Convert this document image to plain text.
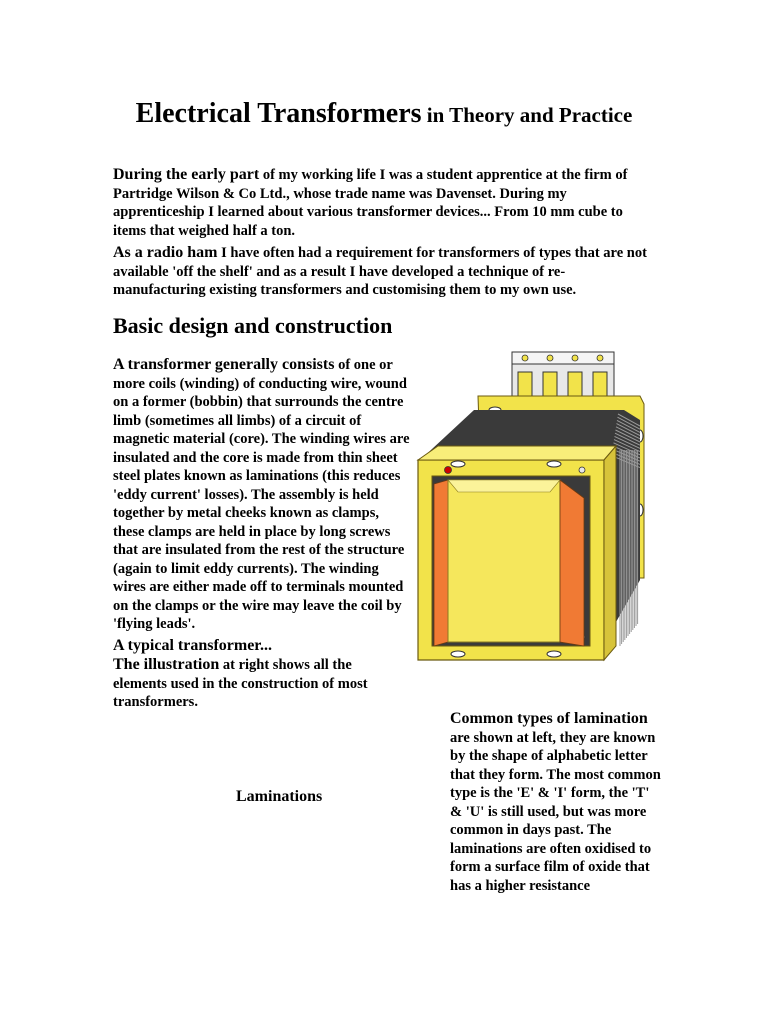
Electrical Transformers in Theory and Practice
During the early part of my working life I was a student apprentice at the firm of Partridge Wilson & Co Ltd., whose trade name was Davenset. During my apprenticeship I learned about various transformer devices... From 10 mm cube to items that weighed half a ton.
As a radio ham I have often had a requirement for transformers of types that are not available 'off the shelf' and as a result I have developed a technique of re-manufacturing existing transformers and customising them to my own use.
Basic design and construction
A transformer generally consists of one or more coils (winding) of conducting wire, wound on a former (bobbin) that surrounds the centre limb (sometimes all limbs) of a circuit of magnetic material (core). The winding wires are insulated and the core is made from thin sheet steel plates known as laminations (this reduces 'eddy current' losses). The assembly is held together by metal cheeks known as clamps, these clamps are held in place by long screws that are insulated from the rest of the structure (again to limit eddy currents). The winding wires are either made off to terminals mounted on the clamps or the wire may leave the coil by 'flying leads'.
A typical transformer...
The illustration at right shows all the elements used in the construction of most transformers.
Laminations
Common types of lamination are shown at left, they are known by the shape of alphabetic letter that they form. The most common type is the 'E' & 'I' form, the 'T' & 'U' is still used, but was more common in days past. The laminations are often oxidised to form a surface film of oxide that has a higher resistance
